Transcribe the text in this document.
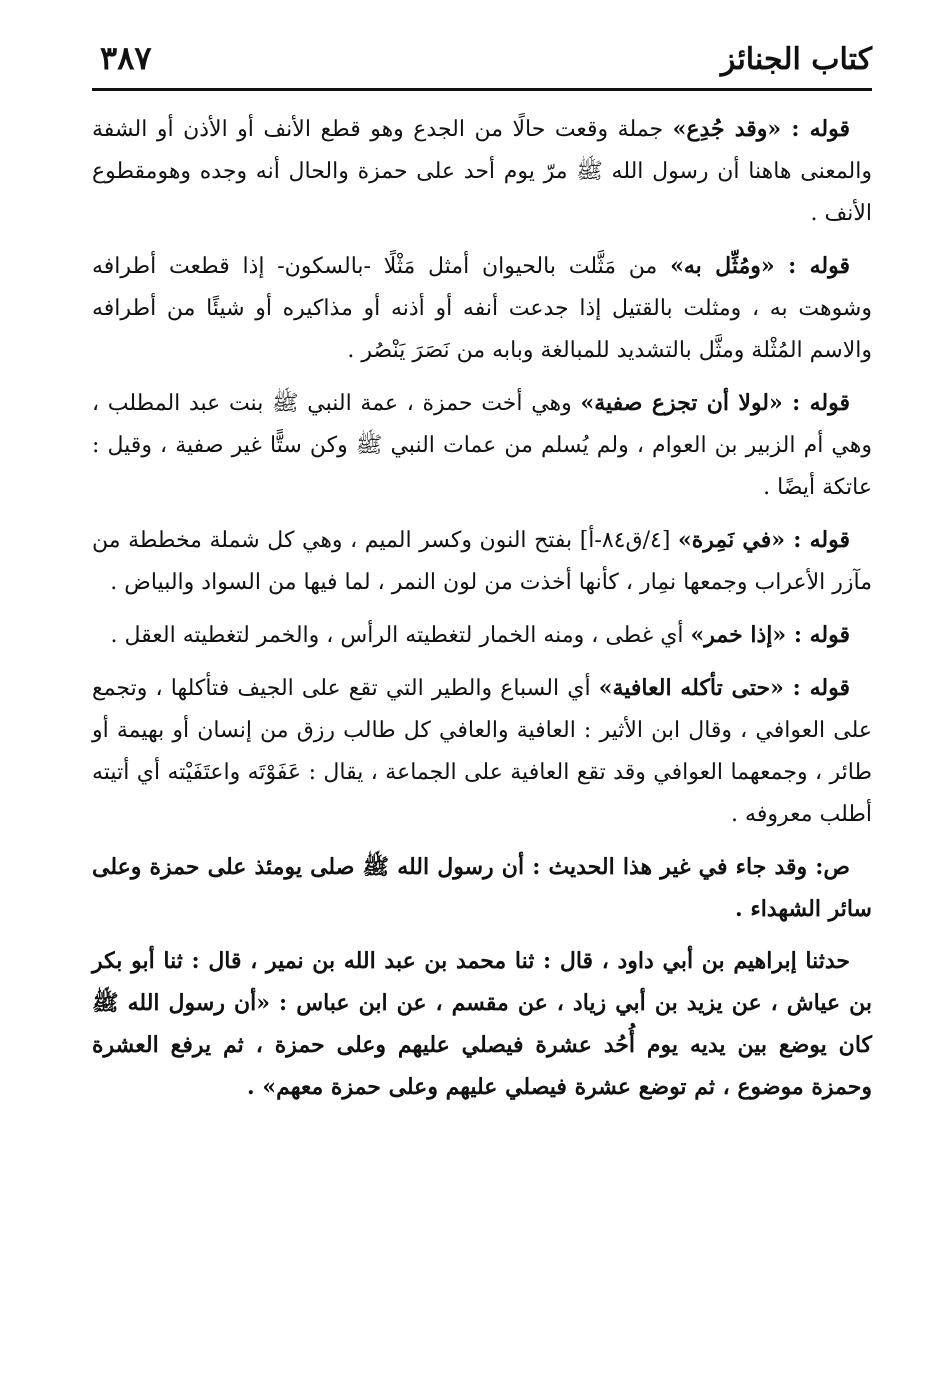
كتاب الجنائز
٣٨٧

قوله : «وقد جُدِع» جملة وقعت حالًا من الجدع وهو قطع الأنف أو الأذن أو الشفة والمعنى هاهنا أن رسول الله ﷺ مرّ يوم أحد على حمزة والحال أنه وجده وهومقطوع الأنف .

قوله : «ومُثِّل به» من مَثَّلت بالحيوان أمثل مَثْلًا -بالسكون- إذا قطعت أطرافه وشوهت به ، ومثلت بالقتيل إذا جدعت أنفه أو أذنه أو مذاكيره أو شيئًا من أطرافه والاسم المُثْلة ومثَّل بالتشديد للمبالغة وبابه من نَصَرَ يَنْصُر .

قوله : «لولا أن تجزع صفية» وهي أخت حمزة ، عمة النبي ﷺ بنت عبد المطلب ، وهي أم الزبير بن العوام ، ولم يُسلم من عمات النبي ﷺ وكن ستًّا غير صفية ، وقيل : عاتكة أيضًا .

قوله : «في نَمِرة» [٤/ق٨٤-أ] بفتح النون وكسر الميم ، وهي كل شملة مخططة من مآزر الأعراب وجمعها نمِار ، كأنها أخذت من لون النمر ، لما فيها من السواد والبياض .

قوله : «إذا خمر» أي غطى ، ومنه الخمار لتغطيته الرأس ، والخمر لتغطيته العقل .

قوله : «حتى تأكله العافية» أي السباع والطير التي تقع على الجيف فتأكلها ، وتجمع على العوافي ، وقال ابن الأثير : العافية والعافي كل طالب رزق من إنسان أو بهيمة أو طائر ، وجمعهما العوافي وقد تقع العافية على الجماعة ، يقال : عَفَوْتَه واعتَفَيْته أي أتيته أطلب معروفه .

ص: وقد جاء في غير هذا الحديث : أن رسول الله ﷺ صلى يومئذ على حمزة وعلى سائر الشهداء .

حدثنا إبراهيم بن أبي داود ، قال : ثنا محمد بن عبد الله بن نمير ، قال : ثنا أبو بكر بن عياش ، عن يزيد بن أبي زياد ، عن مقسم ، عن ابن عباس : «أن رسول الله ﷺ كان يوضع بين يديه يوم أُحُد عشرة فيصلي عليهم وعلى حمزة ، ثم يرفع العشرة وحمزة موضوع ، ثم توضع عشرة فيصلي عليهم وعلى حمزة معهم» .
